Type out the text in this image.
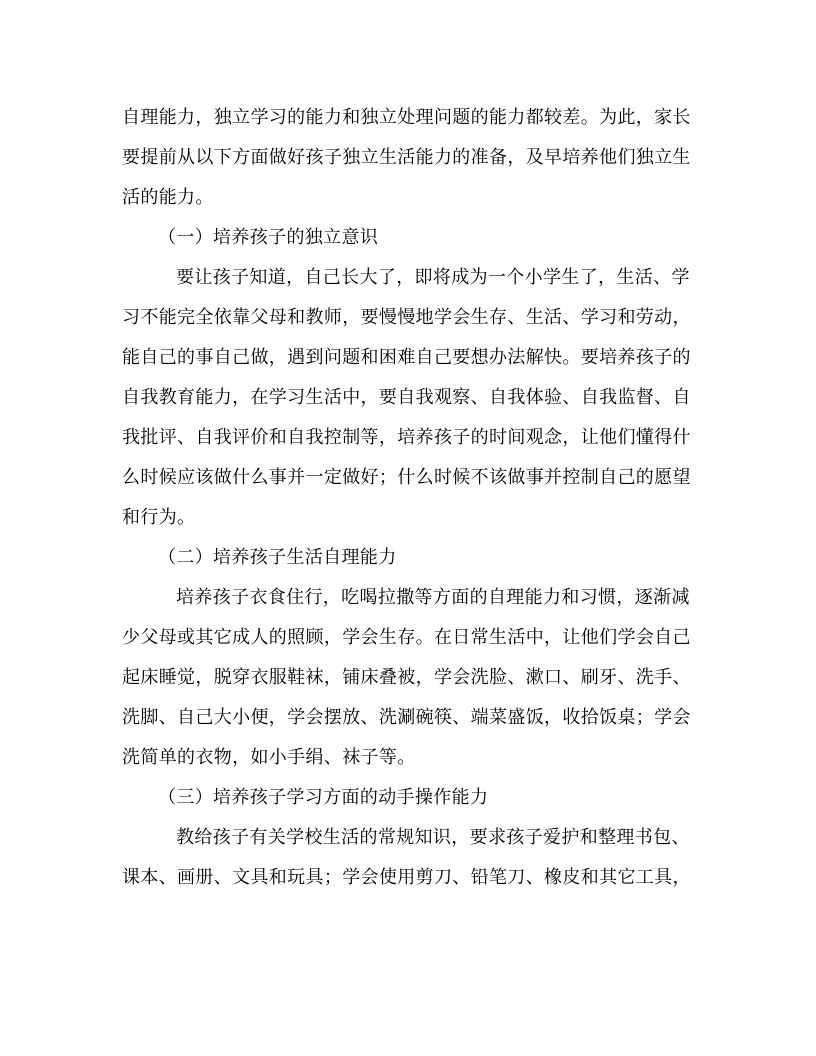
自理能力，独立学习的能力和独立处理问题的能力都较差。为此，家长
要提前从以下方面做好孩子独立生活能力的准备，及早培养他们独立生
活的能力。
（一）培养孩子的独立意识
要让孩子知道，自己长大了，即将成为一个小学生了，生活、学
习不能完全依靠父母和教师，要慢慢地学会生存、生活、学习和劳动，
能自己的事自己做，遇到问题和困难自己要想办法解快。要培养孩子的
自我教育能力，在学习生活中，要自我观察、自我体验、自我监督、自
我批评、自我评价和自我控制等，培养孩子的时间观念，让他们懂得什
么时候应该做什么事并一定做好；什么时候不该做事并控制自己的愿望
和行为。
（二）培养孩子生活自理能力
培养孩子衣食住行，吃喝拉撒等方面的自理能力和习惯，逐渐减
少父母或其它成人的照顾，学会生存。在日常生活中，让他们学会自己
起床睡觉，脱穿衣服鞋袜，铺床叠被，学会洗脸、漱口、刷牙、洗手、
洗脚、自己大小便，学会摆放、洗涮碗筷、端菜盛饭，收拾饭桌；学会
洗简单的衣物，如小手绢、袜子等。
（三）培养孩子学习方面的动手操作能力
教给孩子有关学校生活的常规知识，要求孩子爱护和整理书包、
课本、画册、文具和玩具；学会使用剪刀、铅笔刀、橡皮和其它工具，
